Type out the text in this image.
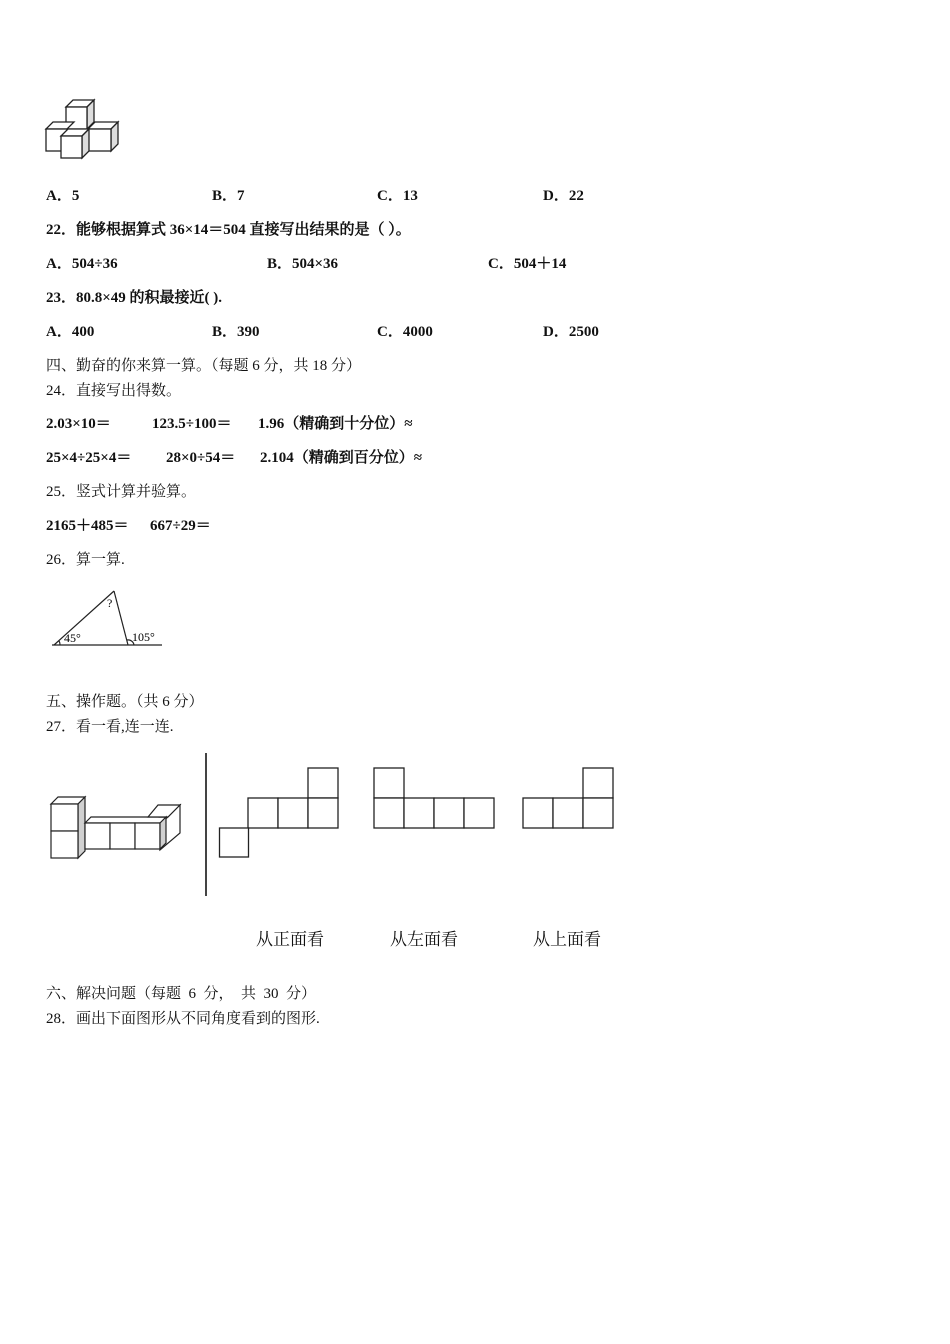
A．5	B．7	C．13	D．22
22．能够根据算式 36×14＝504 直接写出结果的是（ ）。
A．504÷36	B．504×36	C．504＋14
23．80.8×49 的积最接近( ).
A．400	B．390	C．4000	D．2500
四、勤奋的你来算一算。（每题 6 分，共 18 分）
24．直接写出得数。
2.03×10＝	123.5÷100＝ 1.96（精确到十分位）≈
25×4÷25×4＝ 28×0÷54＝ 2.104（精确到百分位）≈
25．竖式计算并验算。
2165＋485＝ 667÷29＝
26．算一算.
45°
?
105°
五、操作题。（共 6 分）
27．看一看,连一连.
从正面看	从左面看	从上面看
六、解决问题（每题  6  分，  共  30  分）
28．画出下面图形从不同角度看到的图形.
